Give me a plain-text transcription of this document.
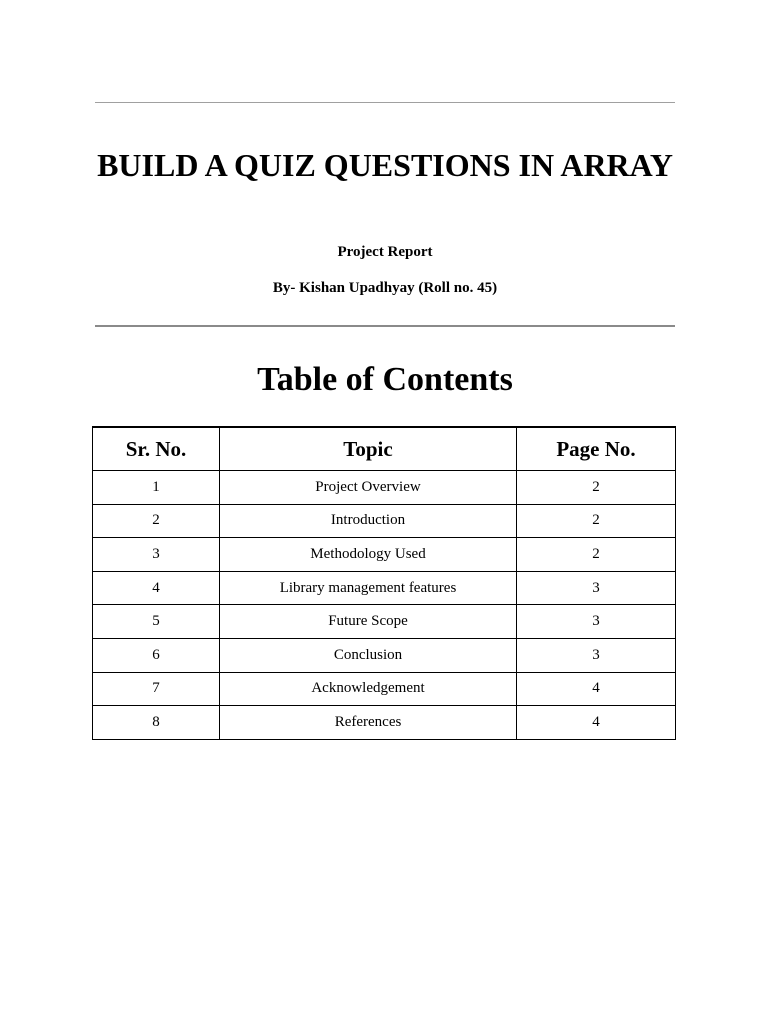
BUILD A QUIZ QUESTIONS IN ARRAY
Project Report
By- Kishan Upadhyay (Roll no. 45)
Table of Contents
Sr. No.	Topic	Page No.
1	Project Overview	2
2	Introduction	2
3	Methodology Used	2
4	Library management features	3
5	Future Scope	3
6	Conclusion	3
7	Acknowledgement	4
8	References	4
